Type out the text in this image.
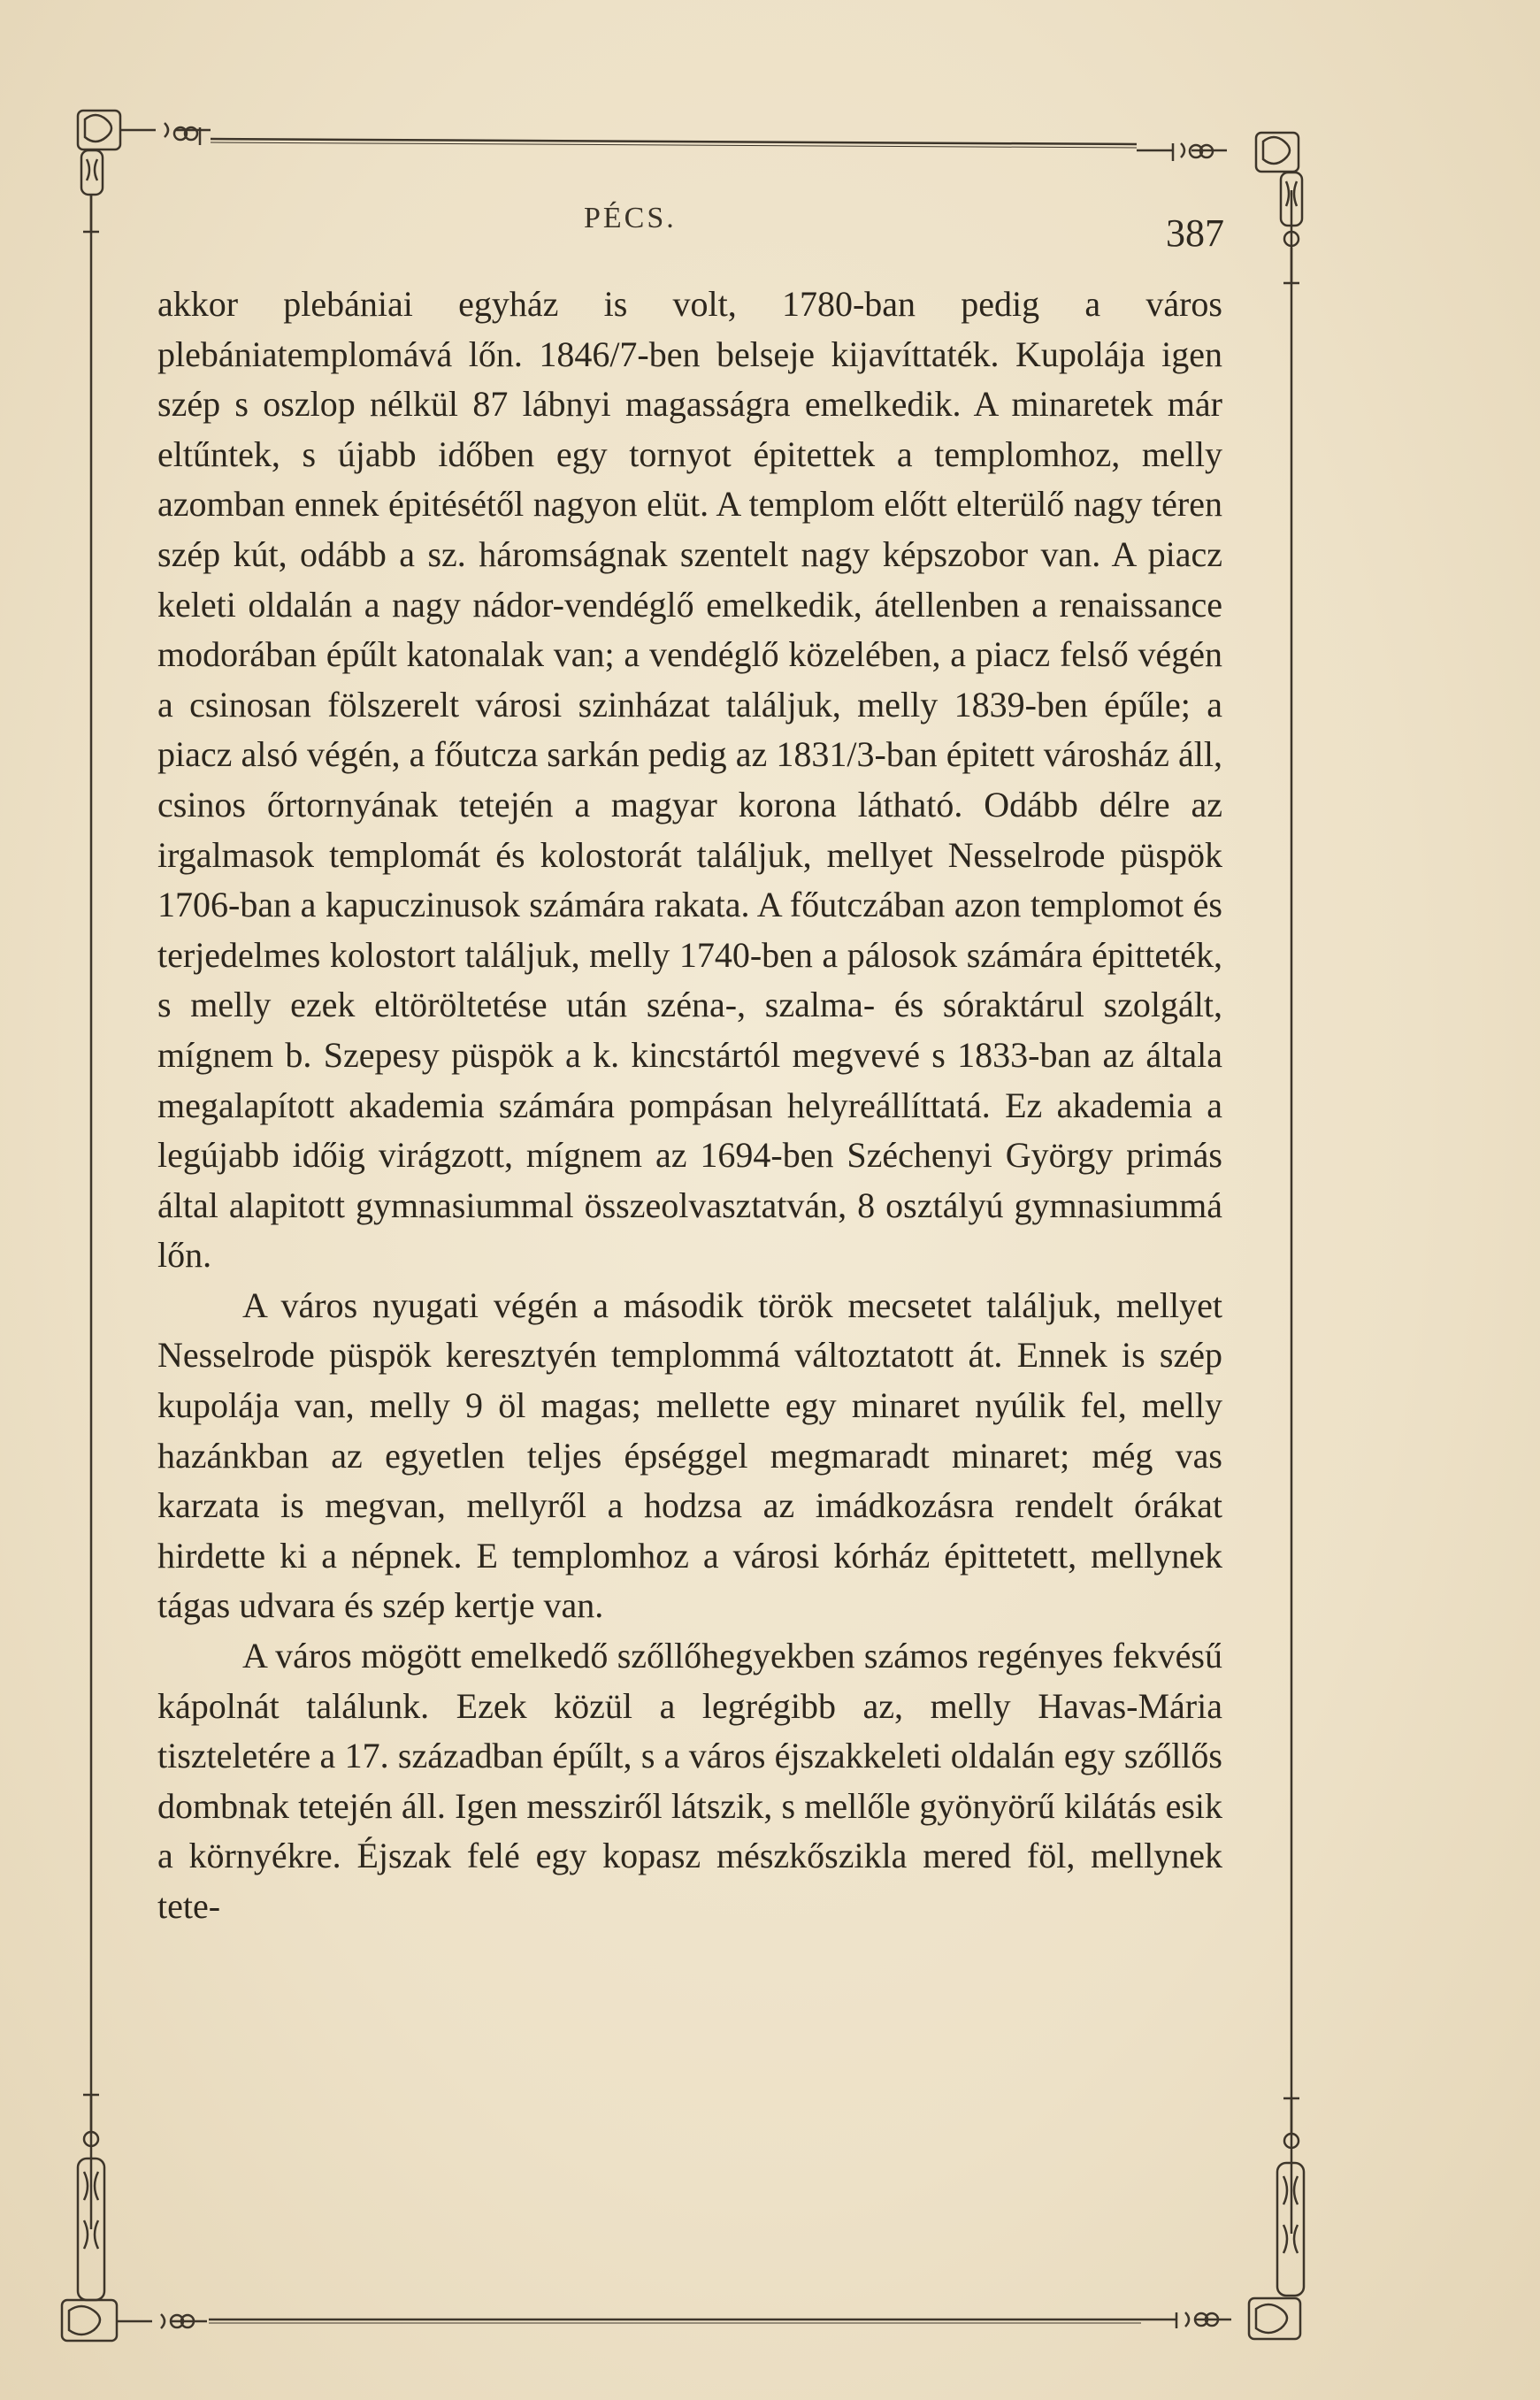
PÉCS.	387

akkor plebániai egyház is volt, 1780-ban pedig a város plebániatemplomává lőn. 1846/7-ben belseje kijavíttaték. Kupolája igen szép s oszlop nélkül 87 lábnyi magasságra emelkedik. A minaretek már eltűntek, s újabb időben egy tornyot épitettek a templomhoz, melly azomban ennek épitésétől nagyon elüt. A templom előtt elterülő nagy téren szép kút, odább a sz. háromságnak szentelt nagy képszobor van. A piacz keleti oldalán a nagy nádor-vendéglő emelkedik, átellenben a renaissance modorában épűlt katonalak van; a vendéglő közelében, a piacz felső végén a csinosan fölszerelt városi szinházat találjuk, melly 1839-ben épűle; a piacz alsó végén, a főutcza sarkán pedig az 1831/3-ban épitett városház áll, csinos őrtornyának tetején a magyar korona látható. Odább délre az irgalmasok templomát és kolostorát találjuk, mellyet Nesselrode püspök 1706-ban a kapuczinusok számára rakata. A főutczában azon templomot és terjedelmes kolostort találjuk, melly 1740-ben a pálosok számára épitteték, s melly ezek eltöröltetése után széna-, szalma- és sóraktárul szolgált, mígnem b. Szepesy püspök a k. kincstártól megvevé s 1833-ban az általa megalapított akademia számára pompásan helyreállíttatá. Ez akademia a legújabb időig virágzott, mígnem az 1694-ben Széchenyi György primás által alapitott gymnasiummal összeolvasztatván, 8 osztályú gymnasiummá lőn.

A város nyugati végén a második török mecsetet találjuk, mellyet Nesselrode püspök keresztyén templommá változtatott át. Ennek is szép kupolája van, melly 9 öl magas; mellette egy minaret nyúlik fel, melly hazánkban az egyetlen teljes épséggel megmaradt minaret; még vas karzata is megvan, mellyről a hodzsa az imádkozásra rendelt órákat hirdette ki a népnek. E templomhoz a városi kórház épittetett, mellynek tágas udvara és szép kertje van.

A város mögött emelkedő szőllőhegyekben számos regényes fekvésű kápolnát találunk. Ezek közül a legrégibb az, melly Havas-Mária tiszteletére a 17. században épűlt, s a város éjszakkeleti oldalán egy szőllős dombnak tetején áll. Igen messziről látszik, s mellőle gyönyörű kilátás esik a környékre. Éjszak felé egy kopasz mészkősziklа mered föl, mellynek tete-
